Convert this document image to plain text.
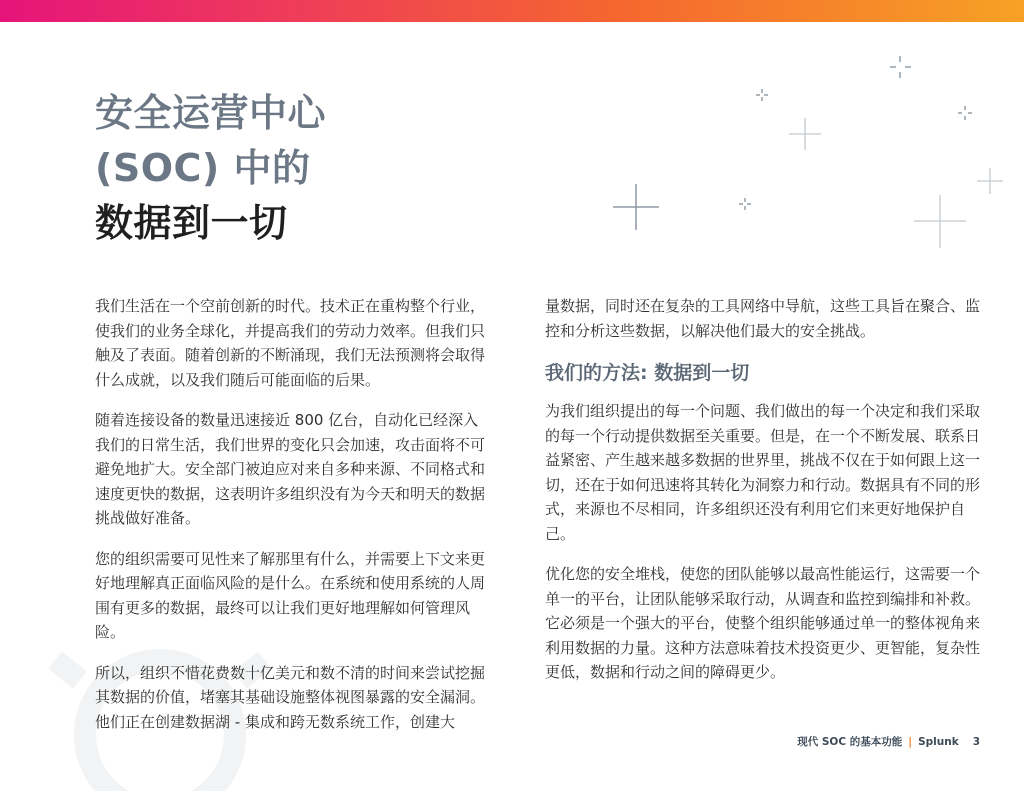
安全运营中心
(SOC) 中的
数据到一切

我们生活在一个空前创新的时代。技术正在重构整个行业，使我们的业务全球化，并提高我们的劳动力效率。但我们只触及了表面。随着创新的不断涌现，我们无法预测将会取得什么成就，以及我们随后可能面临的后果。

随着连接设备的数量迅速接近 800 亿台，自动化已经深入我们的日常生活，我们世界的变化只会加速，攻击面将不可避免地扩大。安全部门被迫应对来自多种来源、不同格式和速度更快的数据，这表明许多组织没有为今天和明天的数据挑战做好准备。

您的组织需要可见性来了解那里有什么，并需要上下文来更好地理解真正面临风险的是什么。在系统和使用系统的人周围有更多的数据，最终可以让我们更好地理解如何管理风险。

所以，组织不惜花费数十亿美元和数不清的时间来尝试挖掘其数据的价值，堵塞其基础设施整体视图暴露的安全漏洞。他们正在创建数据湖 - 集成和跨无数系统工作，创建大

量数据，同时还在复杂的工具网络中导航，这些工具旨在聚合、监控和分析这些数据，以解决他们最大的安全挑战。

我们的方法: 数据到一切

为我们组织提出的每一个问题、我们做出的每一个决定和我们采取的每一个行动提供数据至关重要。但是，在一个不断发展、联系日益紧密、产生越来越多数据的世界里，挑战不仅在于如何跟上这一切，还在于如何迅速将其转化为洞察力和行动。数据具有不同的形式，来源也不尽相同，许多组织还没有利用它们来更好地保护自己。

优化您的安全堆栈，使您的团队能够以最高性能运行，这需要一个单一的平台，让团队能够采取行动，从调查和监控到编排和补救。它必须是一个强大的平台，使整个组织能够通过单一的整体视角来利用数据的力量。这种方法意味着技术投资更少、更智能，复杂性更低，数据和行动之间的障碍更少。

现代 SOC 的基本功能 | Splunk 3
